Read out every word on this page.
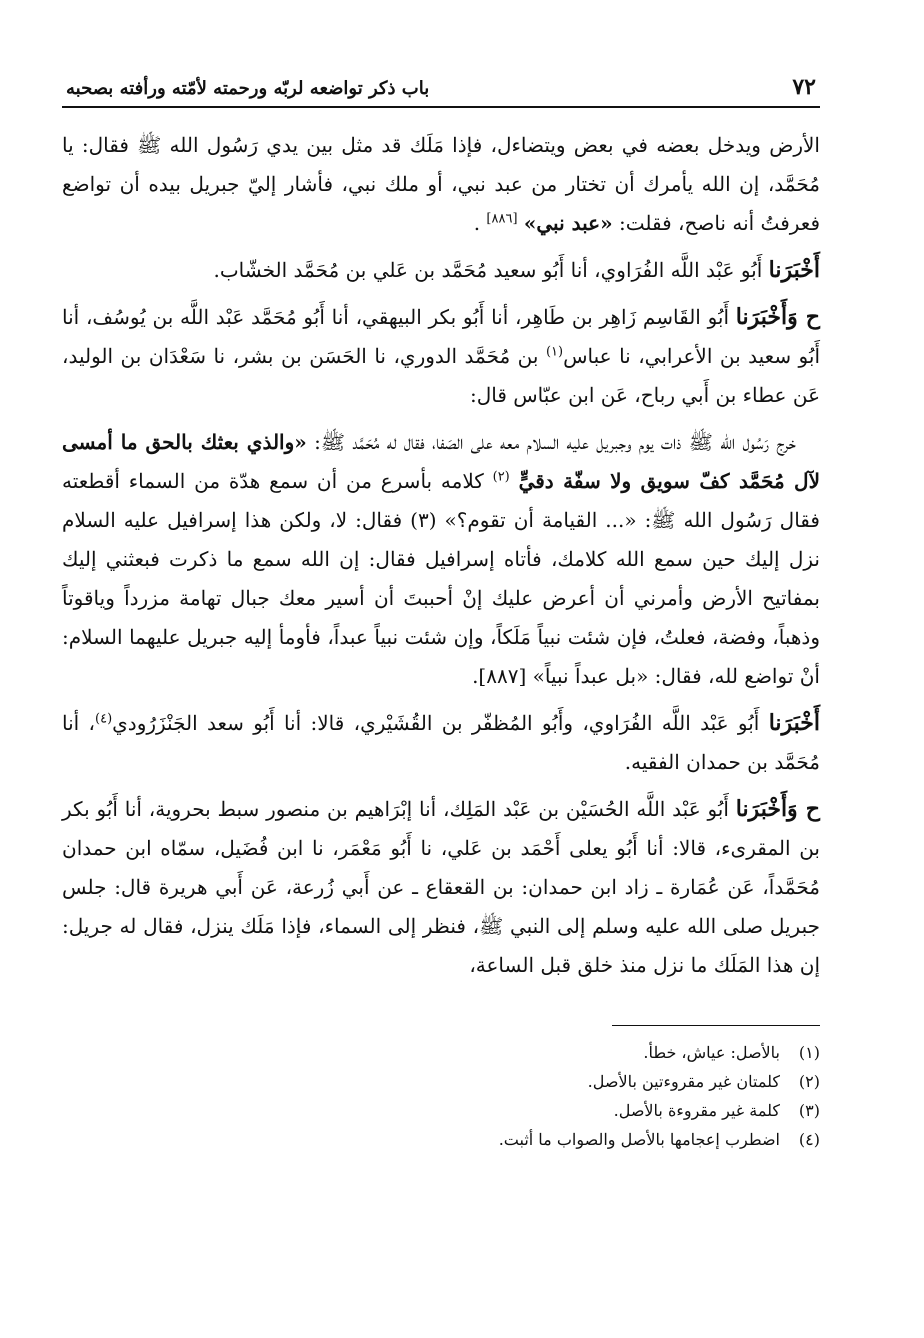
٧٢
باب ذكر تواضعه لربّه ورحمته لأمّته ورأفته بصحبه

الأرض ويدخل بعضه في بعض ويتضاءل، فإذا مَلَك قد مثل بين يدي رَسُول الله ﷺ فقال: يا مُحَمَّد، إن الله يأمرك أن تختار من عبد نبي، أو ملك نبي، فأشار إليّ جبريل بيده أن تواضع فعرفتُ أنه ناصح، فقلت: «عبد نبي» [٨٨٦] .

أَخْبَرَنا أَبُو عَبْد اللَّه الفُرَاوي، أنا أَبُو سعيد مُحَمَّد بن عَلي بن مُحَمَّد الخشّاب.

ح وَأَخْبَرَنا أَبُو القَاسِم زَاهِر بن طَاهِر، أنا أَبُو بكر البيهقي، أنا أَبُو مُحَمَّد عَبْد اللَّه بن يُوسُف، أنا أَبُو سعيد بن الأعرابي، نا عباس$^{(١)}$ بن مُحَمَّد الدوري، نا الحَسَن بن بشر، نا سَعْدَان بن الوليد، عَن عطاء بن أَبي رباح، عَن ابن عبّاس قال:

خرج رَسُول الله ﷺ ذات يوم وجبريل عليه السلام معه على الصَفا، فقال له مُحَمَّد ﷺ: «والذي بعثك بالحق ما أمسى لآل مُحَمَّد كفّ سويق ولا سفّة دقيٍّ $^{(٢)}$ كلامه بأسرع من أن سمع هدّة من السماء أقطعته فقال رَسُول الله ﷺ: «... القيامة أن تقوم؟» (٣) فقال: لا، ولكن هذا إسرافيل عليه السلام نزل إليك حين سمع الله كلامك، فأتاه إسرافيل فقال: إن الله سمع ما ذكرت فبعثني إليك بمفاتيح الأرض وأمرني أن أعرض عليك إنْ أحببتَ أن أسير معك جبال تهامة مزرداً وياقوتاً وذهباً، وفضة، فعلتُ، فإن شئت نبياً مَلَكاً، وإن شئت نبياً عبداً، فأومأ إليه جبريل عليهما السلام: أنْ تواضع لله، فقال: «بل عبداً نبياً» [٨٨٧].

أَخْبَرَنا أَبُو عَبْد اللَّه الفُرَاوي، وأَبُو المُظفّر بن القُشَيْري، قالا: أنا أَبُو سعد الجَنْزَرُودي$^{(٤)}$، أنا مُحَمَّد بن حمدان الفقيه.

ح وَأَخْبَرَنا أَبُو عَبْد اللَّه الحُسَيْن بن عَبْد المَلِك، أنا إبْرَاهيم بن منصور سبط بحروية، أنا أَبُو بكر بن المقرىء، قالا: أنا أَبُو يعلى أَحْمَد بن عَلي، نا أَبُو مَعْمَر، نا ابن فُضَيل، سمّاه ابن حمدان مُحَمَّداً، عَن عُمَارة ـ زاد ابن حمدان: بن القعقاع ـ عن أَبي زُرعة، عَن أَبي هريرة قال: جلس جبريل صلى الله عليه وسلم إلى النبي ﷺ، فنظر إلى السماء، فإذا مَلَك ينزل، فقال له جريل: إن هذا المَلَك ما نزل منذ خلق قبل الساعة،

(١)
بالأصل: عياش، خطأ.
(٢)
كلمتان غير مقروءتين بالأصل.
(٣)
كلمة غير مقروءة بالأصل.
(٤)
اضطرب إعجامها بالأصل والصواب ما أثبت.
